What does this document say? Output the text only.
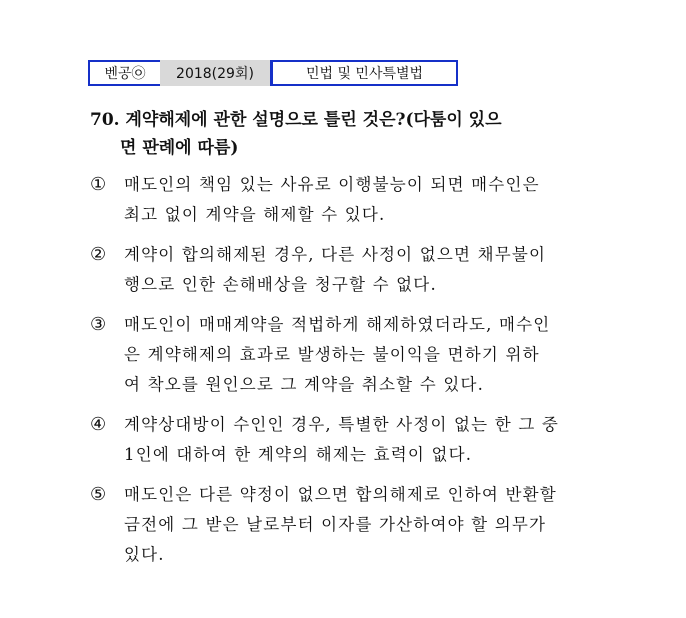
벤공㉧	2018(29회)	민법 및 민사특별법
70. 계약해제에 관한 설명으로 틀린 것은?(다툼이 있으
면 판례에 따름)
①	매도인의 책임 있는 사유로 이행불능이 되면 매수인은
최고 없이 계약을 해제할 수 있다.
②	계약이 합의해제된 경우, 다른 사정이 없으면 채무불이
행으로 인한 손해배상을 청구할 수 없다.
③	매도인이 매매계약을 적법하게 해제하였더라도, 매수인
은 계약해제의 효과로 발생하는 불이익을 면하기 위하
여 착오를 원인으로 그 계약을 취소할 수 있다.
④	계약상대방이 수인인 경우, 특별한 사정이 없는 한 그 중
1인에 대하여 한 계약의 해제는 효력이 없다.
⑤	매도인은 다른 약정이 없으면 합의해제로 인하여 반환할
금전에 그 받은 날로부터 이자를 가산하여야 할 의무가
있다.
